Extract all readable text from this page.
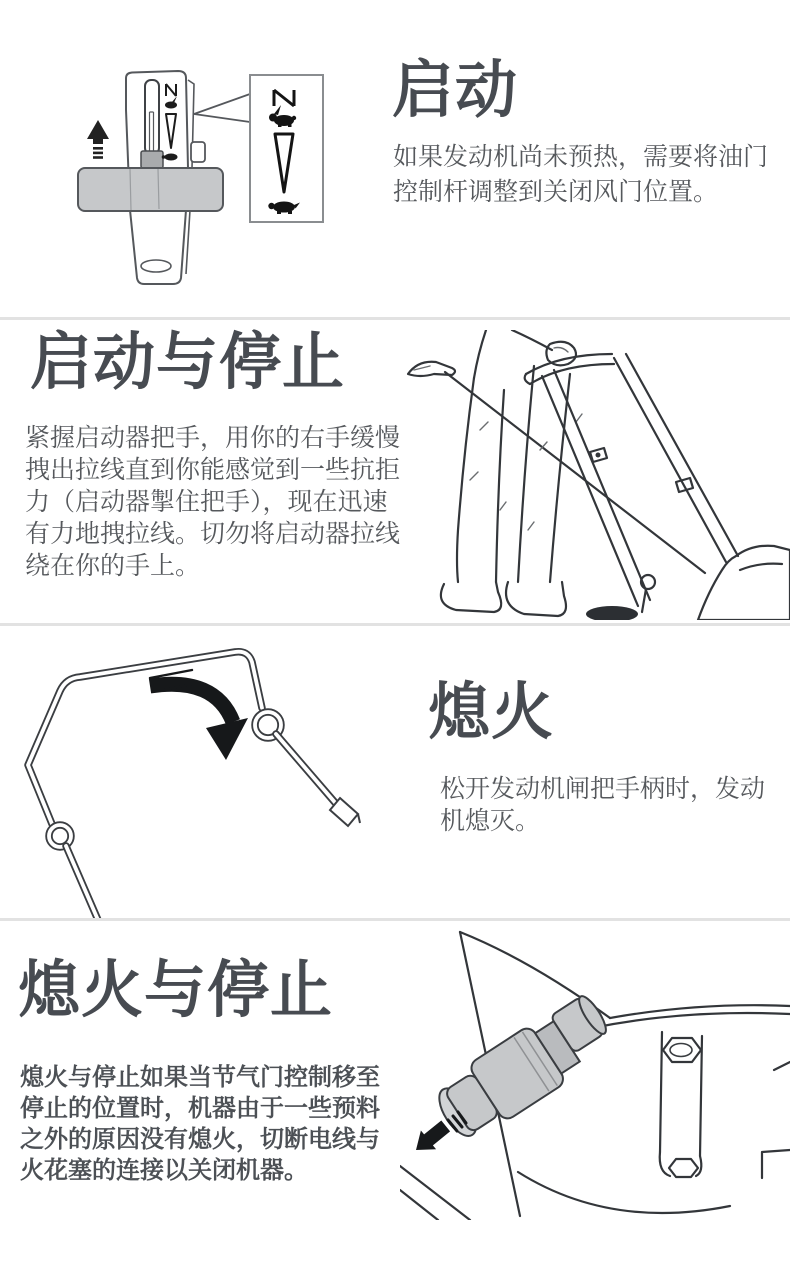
启动
如果发动机尚未预热，需要将油门
控制杆调整到关闭风门位置。
启动与停止
紧握启动器把手，用你的右手缓慢
拽出拉线直到你能感觉到一些抗拒
力（启动器掣住把手），现在迅速
有力地拽拉线。切勿将启动器拉线
绕在你的手上。
熄火
松开发动机闸把手柄时，发动
机熄灭。
熄火与停止
熄火与停止如果当节气门控制移至
停止的位置时，机器由于一些预料
之外的原因没有熄火，切断电线与
火花塞的连接以关闭机器。
